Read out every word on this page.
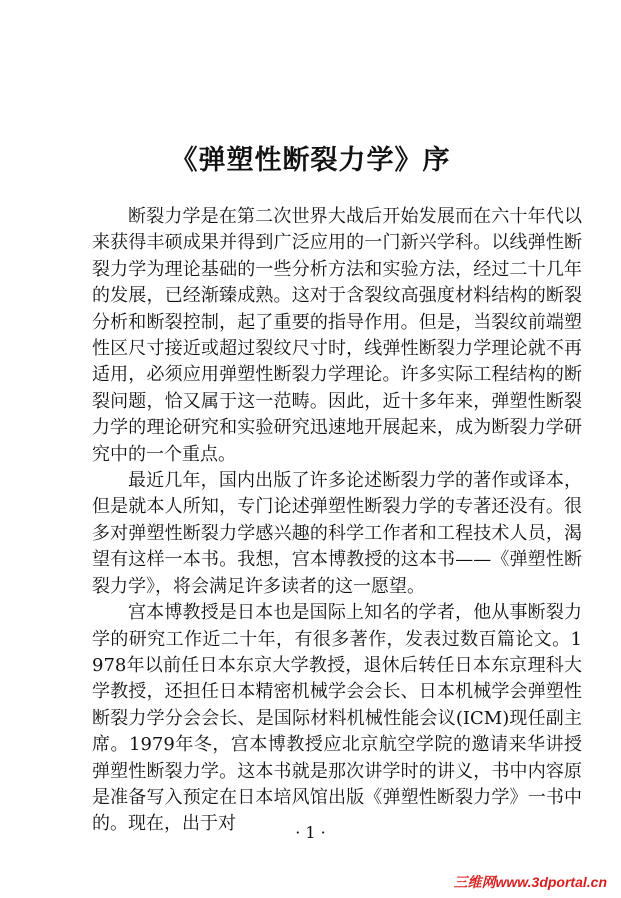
《弹塑性断裂力学》序

断裂力学是在第二次世界大战后开始发展而在六十年代以来获得丰硕成果并得到广泛应用的一门新兴学科。以线弹性断裂力学为理论基础的一些分析方法和实验方法，经过二十几年的发展，已经渐臻成熟。这对于含裂纹高强度材料结构的断裂分析和断裂控制，起了重要的指导作用。但是，当裂纹前端塑性区尺寸接近或超过裂纹尺寸时，线弹性断裂力学理论就不再适用，必须应用弹塑性断裂力学理论。许多实际工程结构的断裂问题，恰又属于这一范畴。因此，近十多年来，弹塑性断裂力学的理论研究和实验研究迅速地开展起来，成为断裂力学研究中的一个重点。

最近几年，国内出版了许多论述断裂力学的著作或译本，但是就本人所知，专门论述弹塑性断裂力学的专著还没有。很多对弹塑性断裂力学感兴趣的科学工作者和工程技术人员，渴望有这样一本书。我想，宫本博教授的这本书——《弹塑性断裂力学》，将会满足许多读者的这一愿望。

宫本博教授是日本也是国际上知名的学者，他从事断裂力学的研究工作近二十年，有很多著作，发表过数百篇论文。1978年以前任日本东京大学教授，退休后转任日本东京理科大学教授，还担任日本精密机械学会会长、日本机械学会弹塑性断裂力学分会会长、是国际材料机械性能会议(ICM)现任副主席。1979年冬，宫本博教授应北京航空学院的邀请来华讲授弹塑性断裂力学。这本书就是那次讲学时的讲义，书中内容原是准备写入预定在日本培风馆出版《弹塑性断裂力学》一书中的。现在，出于对	· 1 ·

三维网www.3dportal.cn
